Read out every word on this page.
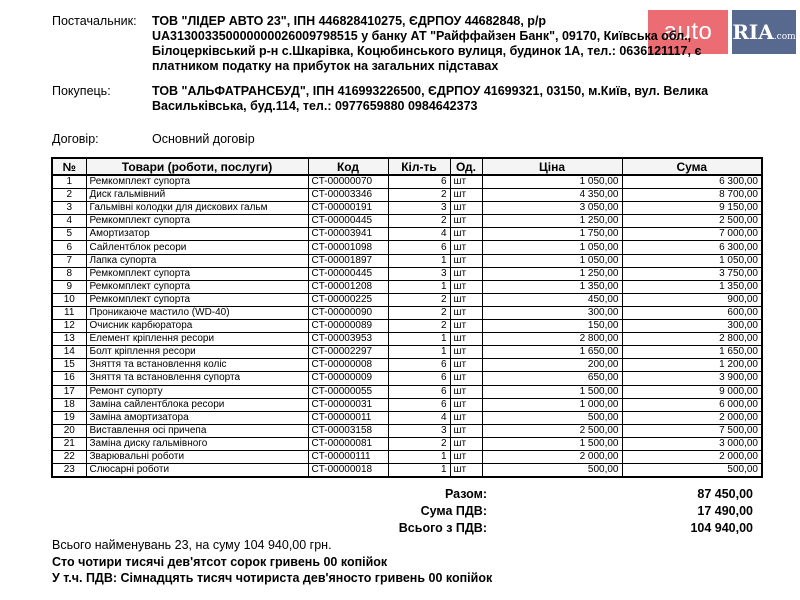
auto RIA.com
Постачальник: ТОВ "ЛІДЕР АВТО 23", ІПН 446828410275, ЄДРПОУ 44682848, р/р UA313003350000000026009798515 у банку АТ "Райффайзен Банк", 09170, Київська обл., Білоцерківський р-н с.Шкарівка, Коцюбинського вулиця, будинок 1А, тел.: 0636121117, є платником податку на прибуток на загальних підставах
Покупець:	ТОВ "АЛЬФАТРАНСБУД", ІПН 416993226500, ЄДРПОУ 41699321, 03150, м.Київ, вул. Велика Васильківська, буд.114, тел.: 0977659880 0984642373
Договір:	Основний договір
№	Товари (роботи, послуги)	Код	Кіл-ть	Од.	Ціна	Сума
1	Ремкомплект супорта	CT-00000070	6	шт	1 050,00	6 300,00
2	Диск гальмівний	CT-00003346	2	шт	4 350,00	8 700,00
3	Гальмівні колодки для дискових гальм	CT-00000191	3	шт	3 050,00	9 150,00
4	Ремкомплект супорта	CT-00000445	2	шт	1 250,00	2 500,00
5	Амортизатор	CT-00003941	4	шт	1 750,00	7 000,00
6	Сайлентблок ресори	CT-00001098	6	шт	1 050,00	6 300,00
7	Лапка супорта	CT-00001897	1	шт	1 050,00	1 050,00
8	Ремкомплект супорта	CT-00000445	3	шт	1 250,00	3 750,00
9	Ремкомплект супорта	CT-00001208	1	шт	1 350,00	1 350,00
10	Ремкомплект супорта	CT-00000225	2	шт	450,00	900,00
11	Проникаюче мастило (WD-40)	CT-00000090	2	шт	300,00	600,00
12	Очисник карбюратора	CT-00000089	2	шт	150,00	300,00
13	Елемент кріплення ресори	CT-00003953	1	шт	2 800,00	2 800,00
14	Болт кріплення ресори	CT-00002297	1	шт	1 650,00	1 650,00
15	Зняття та встановлення коліс	CT-00000008	6	шт	200,00	1 200,00
16	Зняття та встановлення супорта	CT-00000009	6	шт	650,00	3 900,00
17	Ремонт супорту	CT-00000055	6	шт	1 500,00	9 000,00
18	Заміна сайлентблока ресори	CT-00000031	6	шт	1 000,00	6 000,00
19	Заміна амортизатора	CT-00000011	4	шт	500,00	2 000,00
20	Виставлення осі причепа	CT-00003158	3	шт	2 500,00	7 500,00
21	Заміна диску гальмівного	CT-00000081	2	шт	1 500,00	3 000,00
22	Зварювальні роботи	CT-00000111	1	шт	2 000,00	2 000,00
23	Слюсарні роботи	CT-00000018	1	шт	500,00	500,00
Разом:	87 450,00
Сума ПДВ:	17 490,00
Всього з ПДВ:	104 940,00
Всього найменувань 23, на суму 104 940,00 грн.
Сто чотири тисячі дев'ятсот сорок гривень 00 копійок
У т.ч. ПДВ: Сімнадцять тисяч чотириста дев'яносто гривень 00 копійок
